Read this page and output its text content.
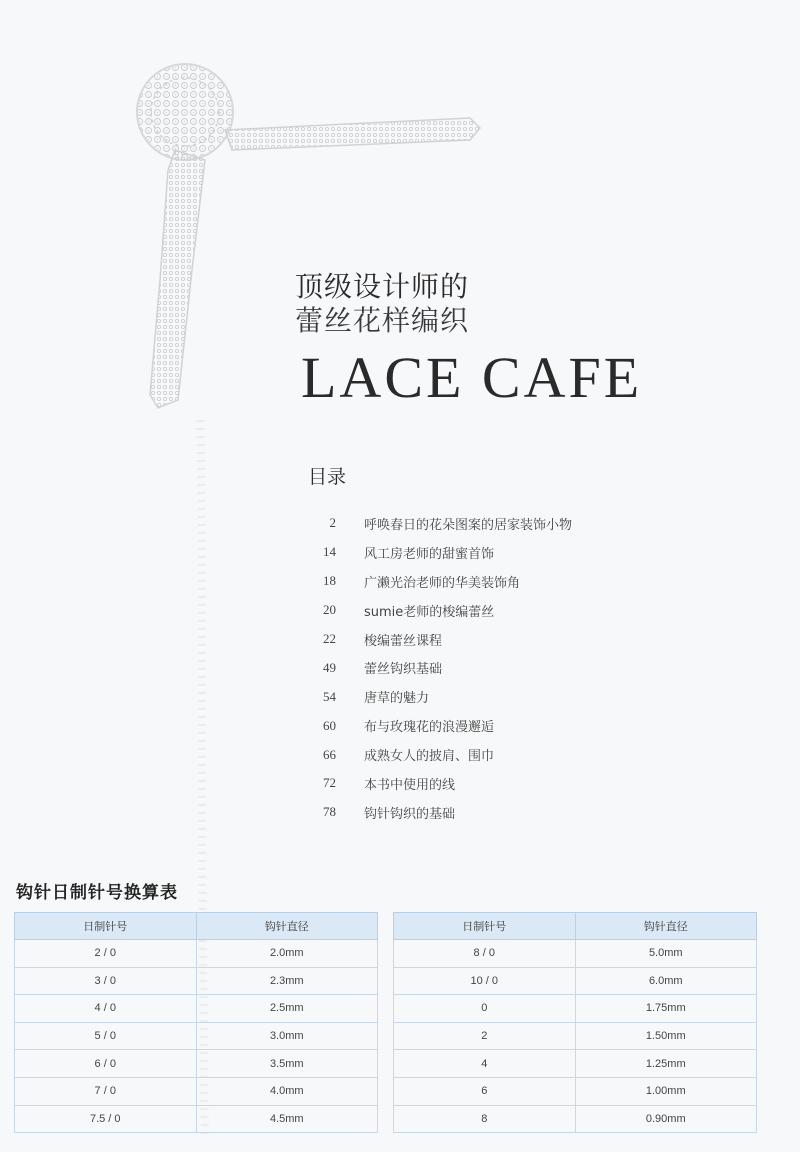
顶级设计师的
蕾丝花样编织
LACE CAFE
目录
2	呼唤春日的花朵图案的居家装饰小物
14	风工房老师的甜蜜首饰
18	广濑光治老师的华美装饰角
20	sumie老师的梭编蕾丝
22	梭编蕾丝课程
49	蕾丝钩织基础
54	唐草的魅力
60	布与玫瑰花的浪漫邂逅
66	成熟女人的披肩、围巾
72	本书中使用的线
78	钩针钩织的基础
钩针日制针号换算表
日制针号	钩针直径
2 / 0	2.0mm
3 / 0	2.3mm
4 / 0	2.5mm
5 / 0	3.0mm
6 / 0	3.5mm
7 / 0	4.0mm
7.5 / 0	4.5mm
日制针号	钩针直径
8 / 0	5.0mm
10 / 0	6.0mm
0	1.75mm
2	1.50mm
4	1.25mm
6	1.00mm
8	0.90mm
